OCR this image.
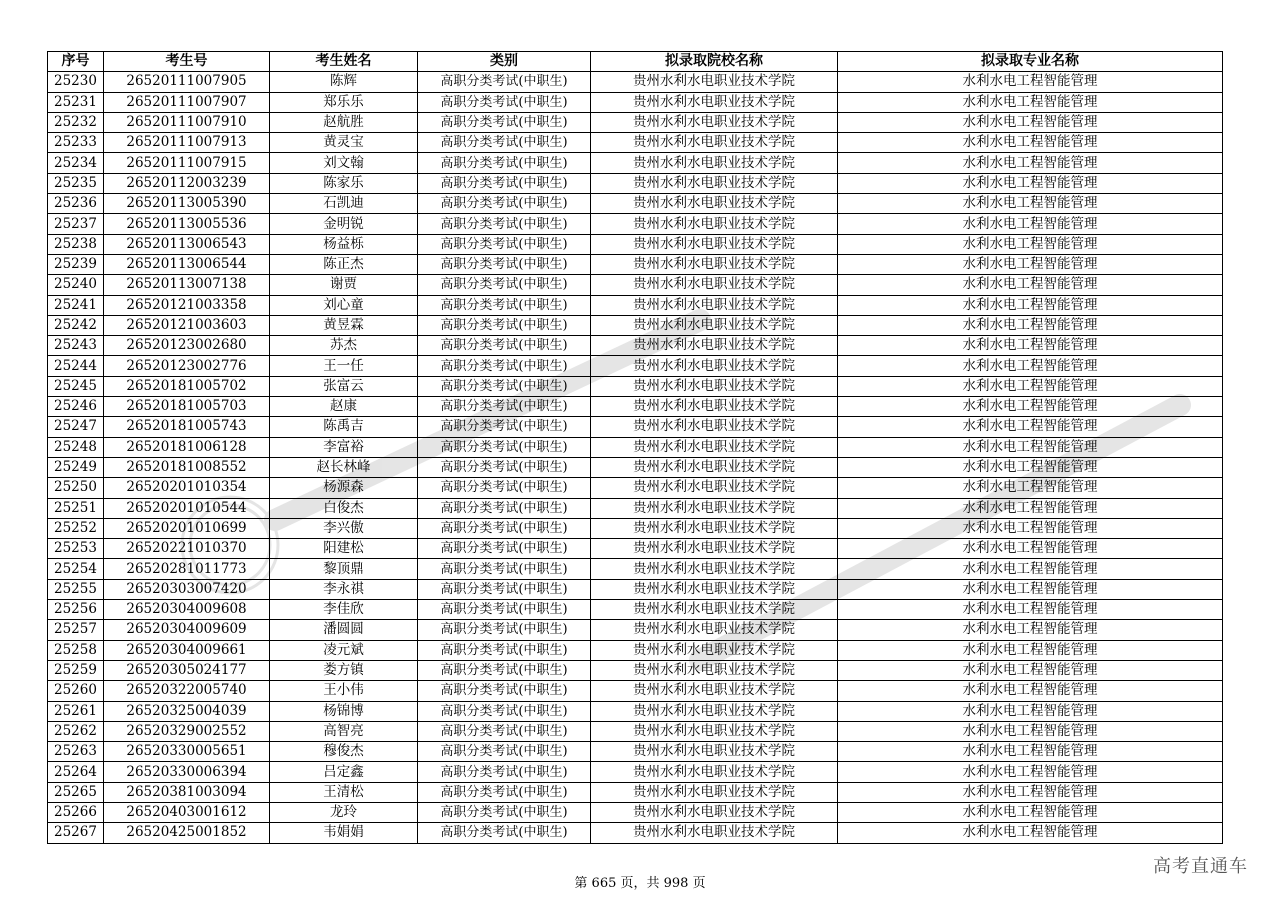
序号	考生号	考生姓名	类别	拟录取院校名称	拟录取专业名称
25230	26520111007905	陈辉	高职分类考试(中职生)	贵州水利水电职业技术学院	水利水电工程智能管理
25231	26520111007907	郑乐乐	高职分类考试(中职生)	贵州水利水电职业技术学院	水利水电工程智能管理
25232	26520111007910	赵航胜	高职分类考试(中职生)	贵州水利水电职业技术学院	水利水电工程智能管理
25233	26520111007913	黄灵宝	高职分类考试(中职生)	贵州水利水电职业技术学院	水利水电工程智能管理
25234	26520111007915	刘文翰	高职分类考试(中职生)	贵州水利水电职业技术学院	水利水电工程智能管理
25235	26520112003239	陈家乐	高职分类考试(中职生)	贵州水利水电职业技术学院	水利水电工程智能管理
25236	26520113005390	石凯迪	高职分类考试(中职生)	贵州水利水电职业技术学院	水利水电工程智能管理
25237	26520113005536	金明锐	高职分类考试(中职生)	贵州水利水电职业技术学院	水利水电工程智能管理
25238	26520113006543	杨益栎	高职分类考试(中职生)	贵州水利水电职业技术学院	水利水电工程智能管理
25239	26520113006544	陈正杰	高职分类考试(中职生)	贵州水利水电职业技术学院	水利水电工程智能管理
25240	26520113007138	谢贾	高职分类考试(中职生)	贵州水利水电职业技术学院	水利水电工程智能管理
25241	26520121003358	刘心童	高职分类考试(中职生)	贵州水利水电职业技术学院	水利水电工程智能管理
25242	26520121003603	黄昱霖	高职分类考试(中职生)	贵州水利水电职业技术学院	水利水电工程智能管理
25243	26520123002680	苏杰	高职分类考试(中职生)	贵州水利水电职业技术学院	水利水电工程智能管理
25244	26520123002776	王一任	高职分类考试(中职生)	贵州水利水电职业技术学院	水利水电工程智能管理
25245	26520181005702	张富云	高职分类考试(中职生)	贵州水利水电职业技术学院	水利水电工程智能管理
25246	26520181005703	赵康	高职分类考试(中职生)	贵州水利水电职业技术学院	水利水电工程智能管理
25247	26520181005743	陈禹吉	高职分类考试(中职生)	贵州水利水电职业技术学院	水利水电工程智能管理
25248	26520181006128	李富裕	高职分类考试(中职生)	贵州水利水电职业技术学院	水利水电工程智能管理
25249	26520181008552	赵长林峰	高职分类考试(中职生)	贵州水利水电职业技术学院	水利水电工程智能管理
25250	26520201010354	杨源森	高职分类考试(中职生)	贵州水利水电职业技术学院	水利水电工程智能管理
25251	26520201010544	白俊杰	高职分类考试(中职生)	贵州水利水电职业技术学院	水利水电工程智能管理
25252	26520201010699	李兴傲	高职分类考试(中职生)	贵州水利水电职业技术学院	水利水电工程智能管理
25253	26520221010370	阳建松	高职分类考试(中职生)	贵州水利水电职业技术学院	水利水电工程智能管理
25254	26520281011773	黎顶鼎	高职分类考试(中职生)	贵州水利水电职业技术学院	水利水电工程智能管理
25255	26520303007420	李永祺	高职分类考试(中职生)	贵州水利水电职业技术学院	水利水电工程智能管理
25256	26520304009608	李佳欣	高职分类考试(中职生)	贵州水利水电职业技术学院	水利水电工程智能管理
25257	26520304009609	潘圆圆	高职分类考试(中职生)	贵州水利水电职业技术学院	水利水电工程智能管理
25258	26520304009661	凌元斌	高职分类考试(中职生)	贵州水利水电职业技术学院	水利水电工程智能管理
25259	26520305024177	娄方镇	高职分类考试(中职生)	贵州水利水电职业技术学院	水利水电工程智能管理
25260	26520322005740	王小伟	高职分类考试(中职生)	贵州水利水电职业技术学院	水利水电工程智能管理
25261	26520325004039	杨锦博	高职分类考试(中职生)	贵州水利水电职业技术学院	水利水电工程智能管理
25262	26520329002552	高智亮	高职分类考试(中职生)	贵州水利水电职业技术学院	水利水电工程智能管理
25263	26520330005651	穆俊杰	高职分类考试(中职生)	贵州水利水电职业技术学院	水利水电工程智能管理
25264	26520330006394	吕定鑫	高职分类考试(中职生)	贵州水利水电职业技术学院	水利水电工程智能管理
25265	26520381003094	王清松	高职分类考试(中职生)	贵州水利水电职业技术学院	水利水电工程智能管理
25266	26520403001612	龙玲	高职分类考试(中职生)	贵州水利水电职业技术学院	水利水电工程智能管理
25267	26520425001852	韦娟娟	高职分类考试(中职生)	贵州水利水电职业技术学院	水利水电工程智能管理
第 665 页，共 998 页
高考直通车
